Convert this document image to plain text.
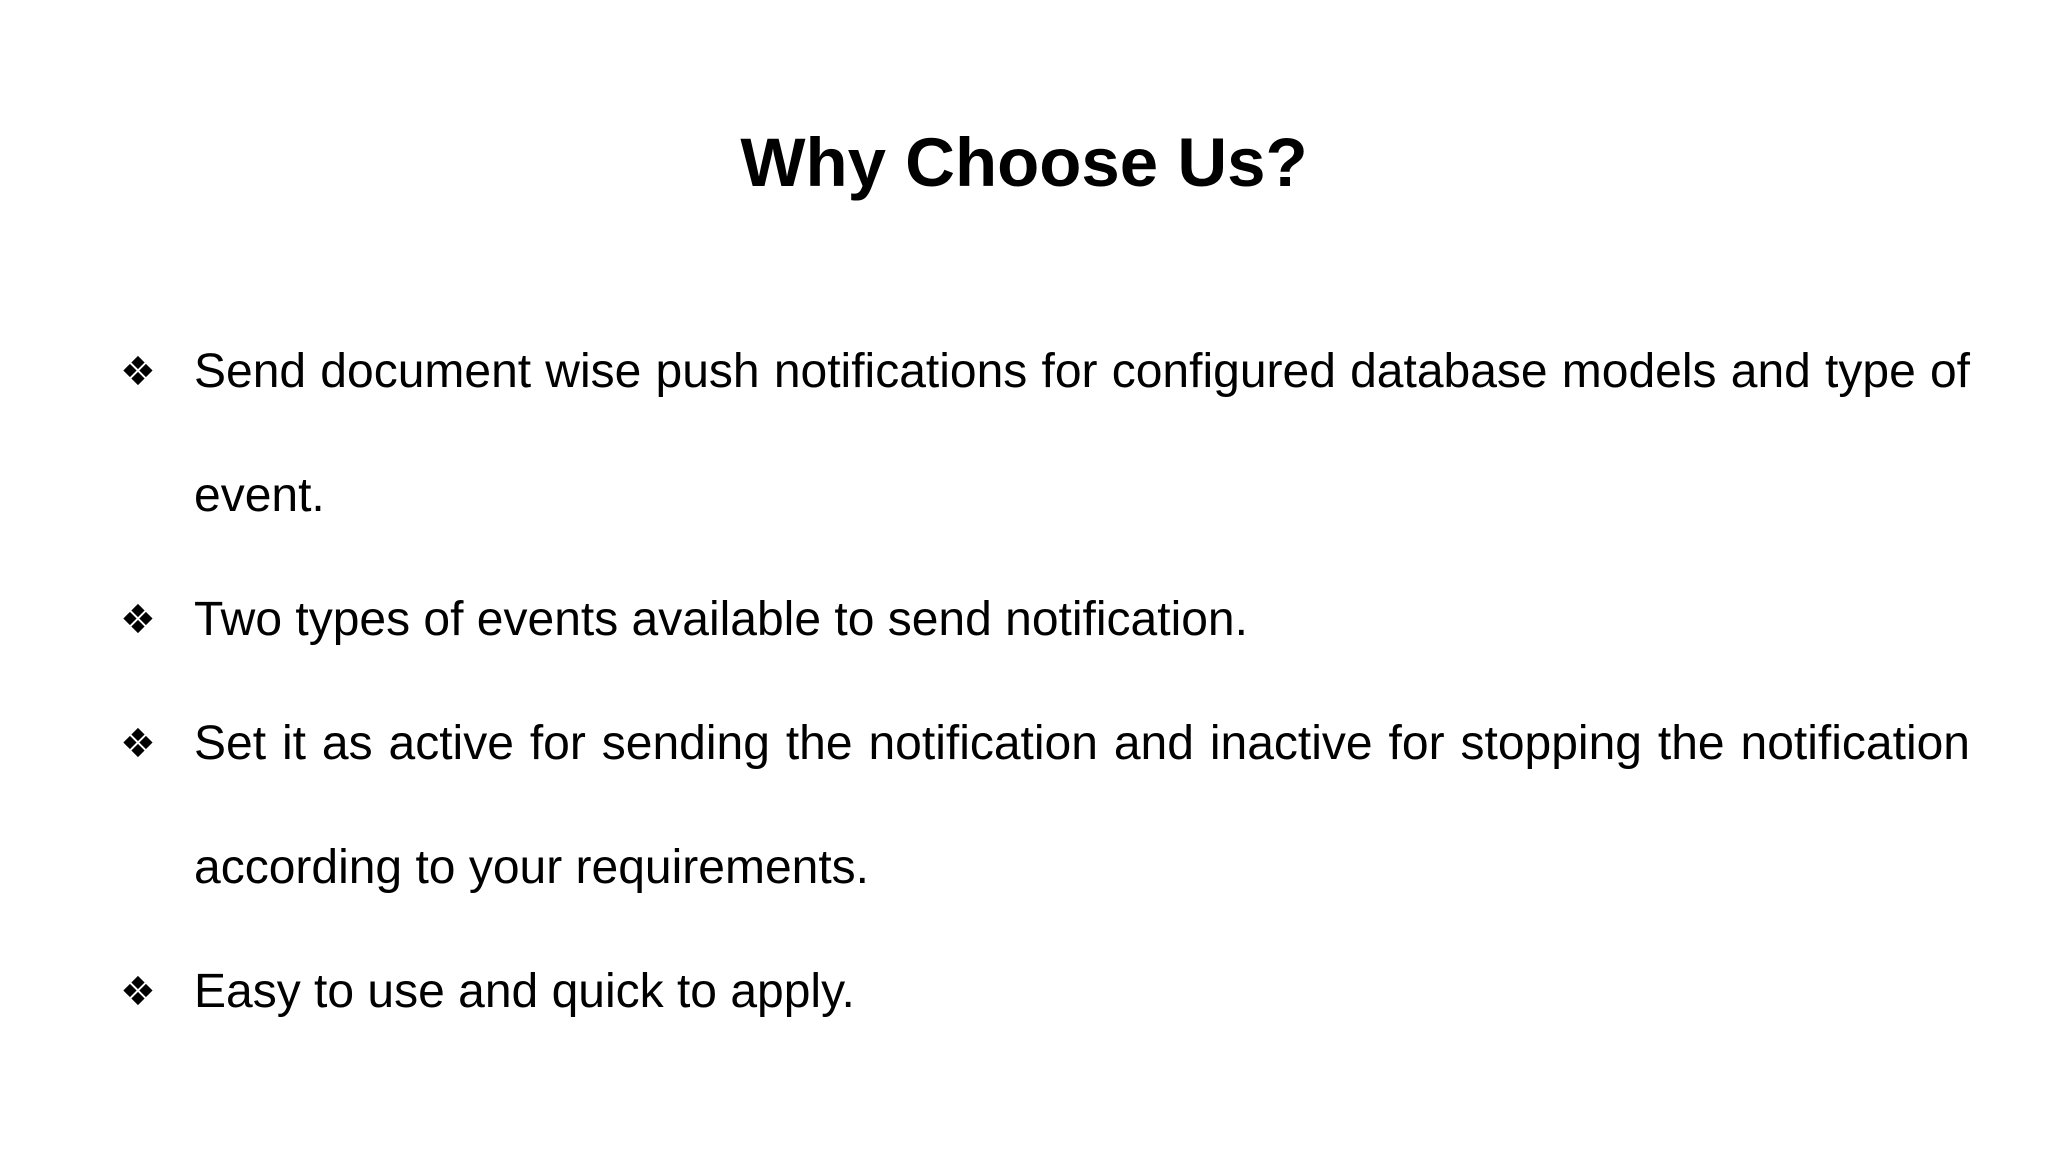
Why Choose Us?
❖ Send document wise push notifications for configured database models and type of event.

❖ Two types of events available to send notification.

❖ Set it as active for sending the notification and inactive for stopping the notification according to your requirements.

❖ Easy to use and quick to apply.
